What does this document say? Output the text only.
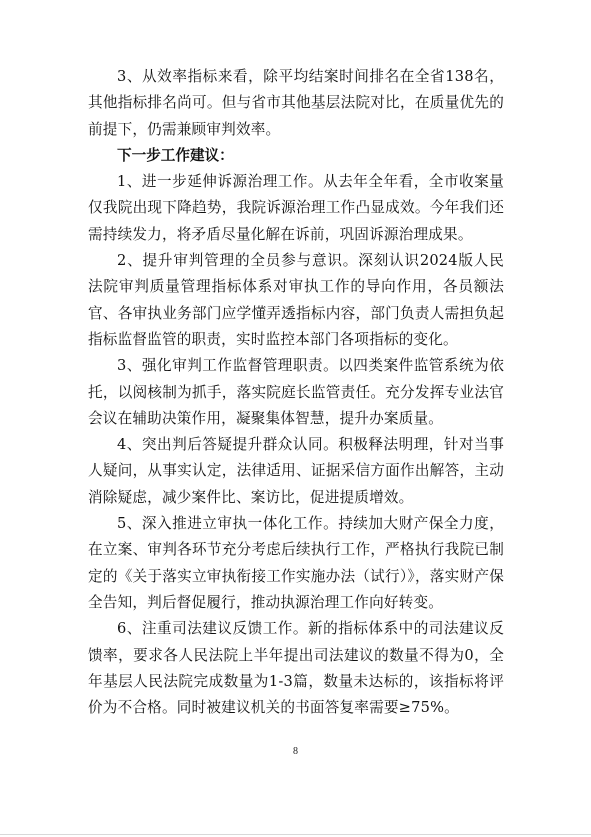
3、从效率指标来看，除平均结案时间排名在全省138名，其他指标排名尚可。但与省市其他基层法院对比，在质量优先的前提下，仍需兼顾审判效率。

下一步工作建议：

1、进一步延伸诉源治理工作。从去年全年看，全市收案量仅我院出现下降趋势，我院诉源治理工作凸显成效。今年我们还需持续发力，将矛盾尽量化解在诉前，巩固诉源治理成果。

2、提升审判管理的全员参与意识。深刻认识2024版人民法院审判质量管理指标体系对审执工作的导向作用，各员额法官、各审执业务部门应学懂弄透指标内容，部门负责人需担负起指标监督监管的职责，实时监控本部门各项指标的变化。

3、强化审判工作监督管理职责。以四类案件监管系统为依托，以阅核制为抓手，落实院庭长监管责任。充分发挥专业法官会议在辅助决策作用，凝聚集体智慧，提升办案质量。

4、突出判后答疑提升群众认同。积极释法明理，针对当事人疑问，从事实认定，法律适用、证据采信方面作出解答，主动消除疑虑，减少案件比、案访比，促进提质增效。

5、深入推进立审执一体化工作。持续加大财产保全力度，在立案、审判各环节充分考虑后续执行工作，严格执行我院已制定的《关于落实立审执衔接工作实施办法（试行）》，落实财产保全告知，判后督促履行，推动执源治理工作向好转变。

6、注重司法建议反馈工作。新的指标体系中的司法建议反馈率，要求各人民法院上半年提出司法建议的数量不得为0，全年基层人民法院完成数量为1-3篇，数量未达标的，该指标将评价为不合格。同时被建议机关的书面答复率需要≥75%。

8
